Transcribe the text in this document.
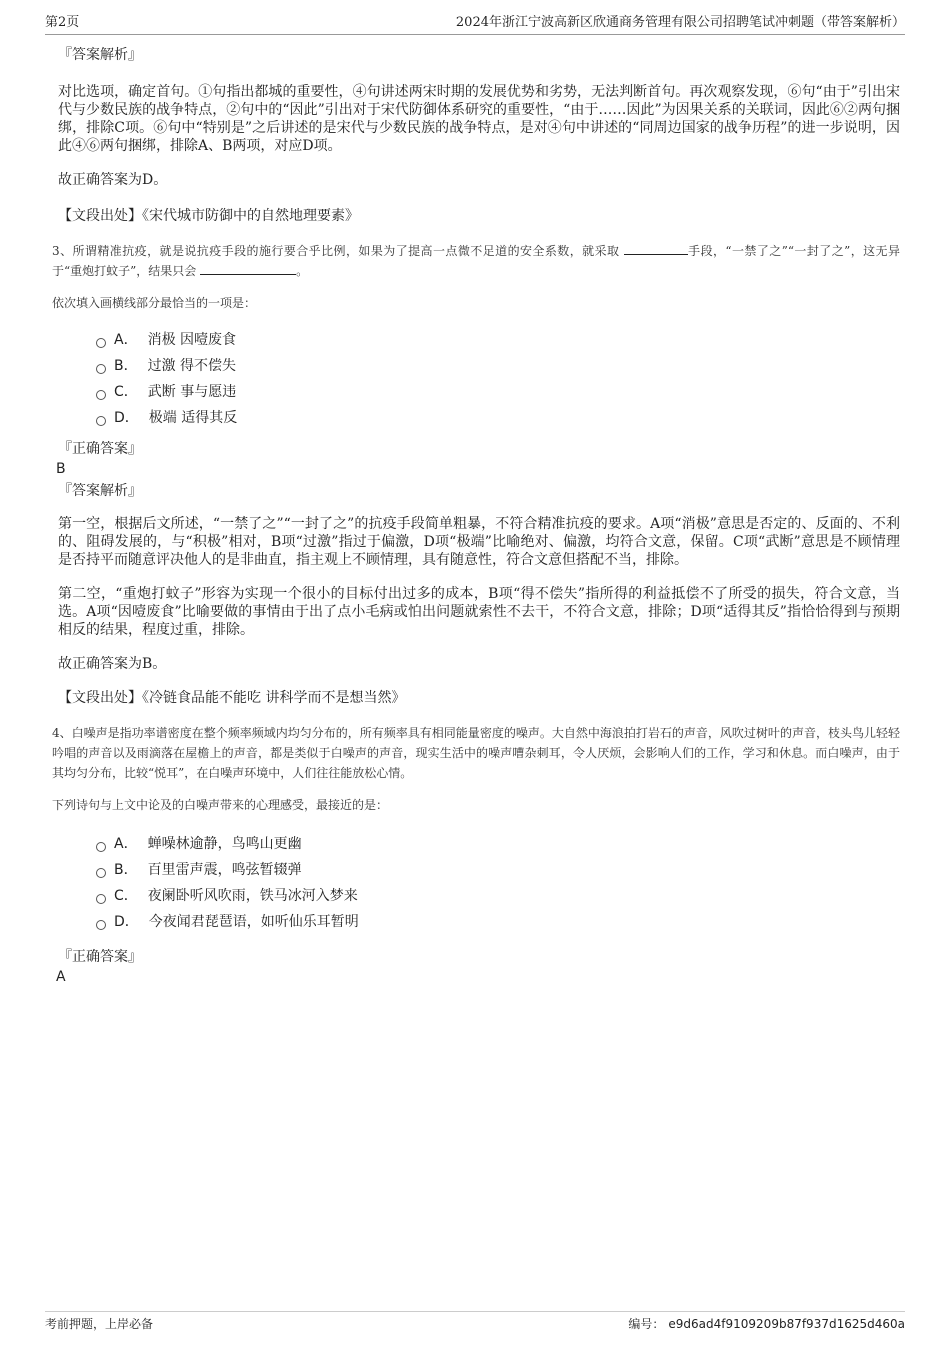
第2页	2024年浙江宁波高新区欣通商务管理有限公司招聘笔试冲刺题（带答案解析）

『答案解析』

对比选项，确定首句。①句指出都城的重要性，④句讲述两宋时期的发展优势和劣势，无法判断首句。再次观察发现，⑥句“由于”引出宋代与少数民族的战争特点，②句中的“因此”引出对于宋代防御体系研究的重要性，“由于……因此”为因果关系的关联词，因此⑥②两句捆绑，排除C项。⑥句中“特别是”之后讲述的是宋代与少数民族的战争特点，是对④句中讲述的“同周边国家的战争历程”的进一步说明，因此④⑥两句捆绑，排除A、B两项，对应D项。

故正确答案为D。

【文段出处】《宋代城市防御中的自然地理要素》

3、所谓精准抗疫，就是说抗疫手段的施行要合乎比例，如果为了提高一点微不足道的安全系数，就采取	手段，“一禁了之”“一封了之”，这无异于“重炮打蚊子”，结果只会	。

依次填入画横线部分最恰当的一项是：

A． 消极 因噎废食
B． 过激 得不偿失
C． 武断 事与愿违
D． 极端 适得其反

『正确答案』

B

『答案解析』

第一空，根据后文所述，“一禁了之”“一封了之”的抗疫手段简单粗暴，不符合精准抗疫的要求。A项“消极”意思是否定的、反面的、不利的、阻碍发展的，与“积极”相对，B项“过激”指过于偏激，D项“极端”比喻绝对、偏激，均符合文意，保留。C项“武断”意思是不顾情理是否持平而随意评决他人的是非曲直，指主观上不顾情理，具有随意性，符合文意但搭配不当，排除。

第二空，“重炮打蚊子”形容为实现一个很小的目标付出过多的成本，B项“得不偿失”指所得的利益抵偿不了所受的损失，符合文意，当选。A项“因噎废食”比喻要做的事情由于出了点小毛病或怕出问题就索性不去干，不符合文意，排除；D项“适得其反”指恰恰得到与预期相反的结果，程度过重，排除。

故正确答案为B。

【文段出处】《冷链食品能不能吃 讲科学而不是想当然》

4、白噪声是指功率谱密度在整个频率频域内均匀分布的，所有频率具有相同能量密度的噪声。大自然中海浪拍打岩石的声音，风吹过树叶的声音，枝头鸟儿轻轻吟唱的声音以及雨滴落在屋檐上的声音，都是类似于白噪声的声音，现实生活中的噪声嘈杂刺耳，令人厌烦，会影响人们的工作，学习和休息。而白噪声，由于其均匀分布，比较“悦耳”，在白噪声环境中，人们往往能放松心情。

下列诗句与上文中论及的白噪声带来的心理感受，最接近的是：

A． 蝉噪林逾静，鸟鸣山更幽
B． 百里雷声震，鸣弦暂辍弹
C． 夜阑卧听风吹雨，铁马冰河入梦来
D． 今夜闻君琵琶语，如听仙乐耳暂明

『正确答案』

A

考前押题，上岸必备	编号： e9d6ad4f9109209b87f937d1625d460a
